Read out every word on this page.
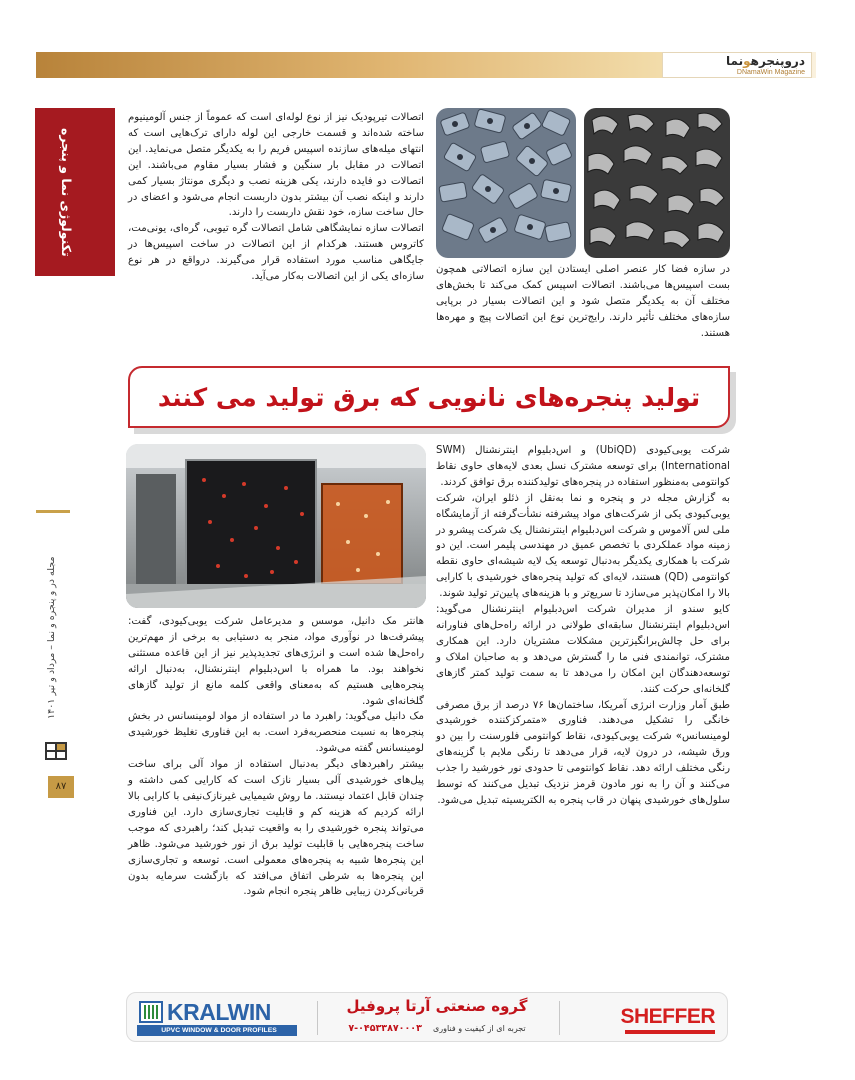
دروپنجرهونما
DNamaWin Magazine
تکنولوژی نما و پنجره
مجله در و پنجره و نما – مرداد و تیر ۱۴۰۱
۸۷

اتصالات تیرپودیک نیز از نوع لوله‌ای است که عموماً از جنس آلومینیوم ساخته شده‌اند و قسمت خارجی این لوله دارای ترک‌هایی است که انتهای میله‌های سازنده اسپیس فریم را به یکدیگر متصل می‌نماید. این اتصالات در مقابل بار سنگین و فشار بسیار مقاوم می‌باشند. این اتصالات دو فایده دارند، یکی هزینه نصب و دیگری مونتاژ بسیار کمی دارند و اینکه نصب آن بیشتر بدون داربست انجام می‌شود و اعضای در حال ساخت سازه، خود نقش داربست را دارند.

اتصالات سازه نمایشگاهی شامل اتصالات گره تیوبی، گره‌ای، یونی‌مت، کاتروس هستند. هرکدام از این اتصالات در ساخت اسپیس‌ها در جایگاهی مناسب مورد استفاده قرار می‌گیرند. درواقع در هر نوع سازه‌ای یکی از این اتصالات به‌کار می‌آید.

در سازه فضا کار عنصر اصلی ایستادن این سازه اتصالاتی همچون بست اسپیس‌ها می‌باشند. اتصالات اسپیس کمک می‌کند تا بخش‌های مختلف آن به یکدیگر متصل شود و این اتصالات بسیار در برپایی سازه‌های مختلف تأثیر دارند. رایج‌ترین نوع این اتصالات پیچ و مهره‌ها هستند.

تولید پنجره‌های نانویی که برق تولید می کنند

شرکت یوبی‌کیودی (UbiQD) و اس‌دبلیوام اینترنشنال (SWM International) برای توسعه مشترک نسل بعدی لایه‌های حاوی نقاط کوانتومی به‌منظور استفاده در پنجره‌های تولیدکننده برق توافق کردند.

به گزارش مجله در و پنجره و نما به‌نقل از ذئلو ایران، شرکت یوبی‌کیودی یکی از شرکت‌های مواد پیشرفته نشأت‌گرفته از آزمایشگاه ملی لس آلاموس و شرکت اس‌دبلیوام اینترنشنال یک شرکت پیشرو در زمینه مواد عملکردی با تخصص عمیق در مهندسی پلیمر است. این دو شرکت با همکاری یکدیگر به‌دنبال توسعه یک لایه شیشه‌ای حاوی نقطه کوانتومی (QD) هستند، لایه‌ای که تولید پنجره‌های خورشیدی با کارایی بالا را امکان‌پذیر می‌سازد تا سریع‌تر و با هزینه‌های پایین‌تر تولید شوند.

کایو سندو از مدیران شرکت اس‌دبلیوام اینترنشنال می‌گوید: اس‌دبلیوام اینترنشنال سابقه‌ای طولانی در ارائه راه‌حل‌های فناورانه برای حل چالش‌برانگیزترین مشکلات مشتریان دارد. این همکاری مشترک، توانمندی فنی ما را گسترش می‌دهد و به صاحبان املاک و توسعه‌دهندگان این امکان را می‌دهد تا به سمت تولید کمتر گازهای گلخانه‌ای حرکت کنند.

طبق آمار وزارت انرژی آمریکا، ساختمان‌ها ۷۶ درصد از برق مصرفی خانگی را تشکیل می‌دهند. فناوری «متمرکزکننده خورشیدی لومینسانس» شرکت یوبی‌کیودی، نقاط کوانتومی فلورسنت را بین دو ورق شیشه، در درون لایه، قرار می‌دهد تا رنگی ملایم با گزینه‌های رنگی مختلف ارائه دهد. نقاط کوانتومی تا حدودی نور خورشید را جذب می‌کنند و آن را به نور مادون قرمز نزدیک تبدیل می‌کنند که توسط سلول‌های خورشیدی پنهان در قاب پنجره به الکتریسیته تبدیل می‌شود.

هانتر مک دانیل، موسس و مدیرعامل شرکت یوبی‌کیودی، گفت: پیشرفت‌ها در نوآوری مواد، منجر به دستیابی به برخی از مهم‌ترین راه‌حل‌ها شده است و انرژی‌های تجدیدپذیر نیز از این قاعده مستثنی نخواهند بود. ما همراه با اس‌دبلیوام اینترنشنال، به‌دنبال ارائه پنجره‌هایی هستیم که به‌معنای واقعی کلمه مانع از تولید گازهای گلخانه‌ای شود.

مک دانیل می‌گوید: راهبرد ما در استفاده از مواد لومینسانس در بخش پنجره‌ها به نسبت منحصربه‌فرد است. به این فناوری تغلیظ خورشیدی لومینسانس گفته می‌شود.

بیشتر راهبردهای دیگر به‌دنبال استفاده از مواد آلی برای ساخت پیل‌های خورشیدی آلی بسیار نازک است که کارایی کمی داشته و چندان قابل اعتماد نیستند. ما روش شیمیایی غیرنازک‌نیفی با کارایی بالا ارائه کردیم که هزینه کم و قابلیت تجاری‌سازی دارد. این فناوری می‌تواند پنجره خورشیدی را به واقعیت تبدیل کند؛ راهبردی که موجب ساخت پنجره‌هایی با قابلیت تولید برق از نور خورشید می‌شود. ظاهر این پنجره‌ها شبیه به پنجره‌های معمولی است. توسعه و تجاری‌سازی این پنجره‌ها به شرطی اتفاق می‌افتد که بازگشت سرمایه بدون قربانی‌کردن زیبایی ظاهر پنجره انجام شود.

KRALWIN
UPVC WINDOW & DOOR PROFILES
گروه صنعتی آرتا پروفیل
تجربه ای از کیفیت و فناوری ۰۴۵۳۳۸۷۰۰۰۳-۷
SHEFFER
